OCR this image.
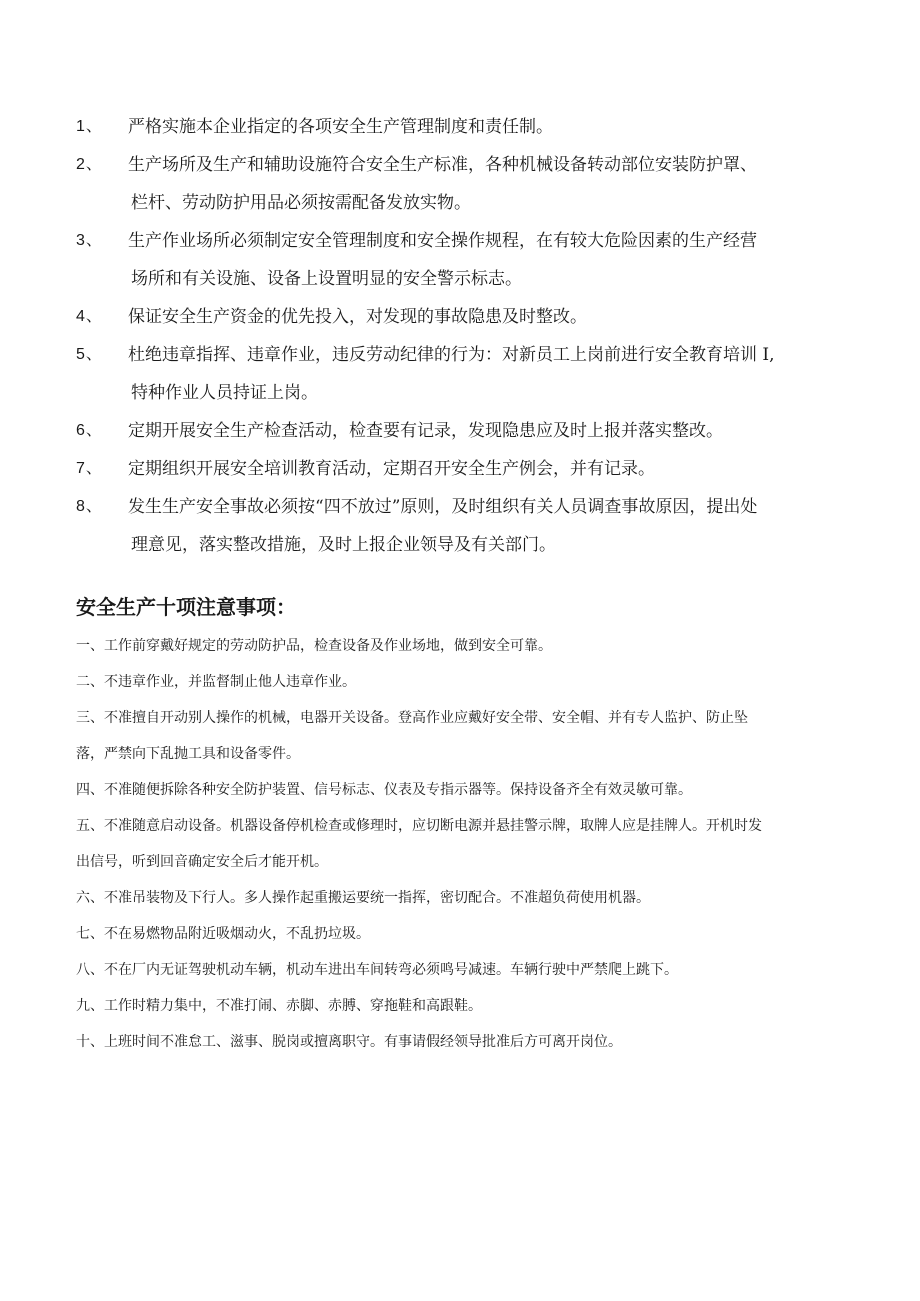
1、 严格实施本企业指定的各项安全生产管理制度和责任制。
2、 生产场所及生产和辅助设施符合安全生产标准，各种机械设备转动部位安装防护罩、
栏杆、劳动防护用品必须按需配备发放实物。
3、 生产作业场所必须制定安全管理制度和安全操作规程，在有较大危险因素的生产经营
场所和有关设施、设备上设置明显的安全警示标志。
4、 保证安全生产资金的优先投入，对发现的事故隐患及时整改。
5、 杜绝违章指挥、违章作业，违反劳动纪律的行为：对新员工上岗前进行安全教育培训 I,
特种作业人员持证上岗。
6、 定期开展安全生产检查活动，检查要有记录，发现隐患应及时上报并落实整改。
7、 定期组织开展安全培训教育活动，定期召开安全生产例会，并有记录。
8、 发生生产安全事故必须按“四不放过”原则，及时组织有关人员调查事故原因，提出处
理意见，落实整改措施，及时上报企业领导及有关部门。
安全生产十项注意事项：
一、工作前穿戴好规定的劳动防护品，检查设备及作业场地，做到安全可靠。
二、不违章作业，并监督制止他人违章作业。
三、不准擅自开动别人操作的机械，电器开关设备。登高作业应戴好安全带、安全帽、并有专人监护、防止坠
落，严禁向下乱抛工具和设备零件。
四、不准随便拆除各种安全防护装置、信号标志、仪表及专指示器等。保持设备齐全有效灵敏可靠。
五、不准随意启动设备。机器设备停机检查或修理时，应切断电源并悬挂警示牌，取牌人应是挂牌人。开机时发
出信号，听到回音确定安全后才能开机。
六、不准吊装物及下行人。多人操作起重搬运要统一指挥，密切配合。不准超负荷使用机器。
七、不在易燃物品附近吸烟动火，不乱扔垃圾。
八、不在厂内无证驾驶机动车辆，机动车进出车间转弯必须鸣号减速。车辆行驶中严禁爬上跳下。
九、工作时精力集中，不准打闹、赤脚、赤膊、穿拖鞋和高跟鞋。
十、上班时间不准怠工、滋事、脱岗或擅离职守。有事请假经领导批准后方可离开岗位。
